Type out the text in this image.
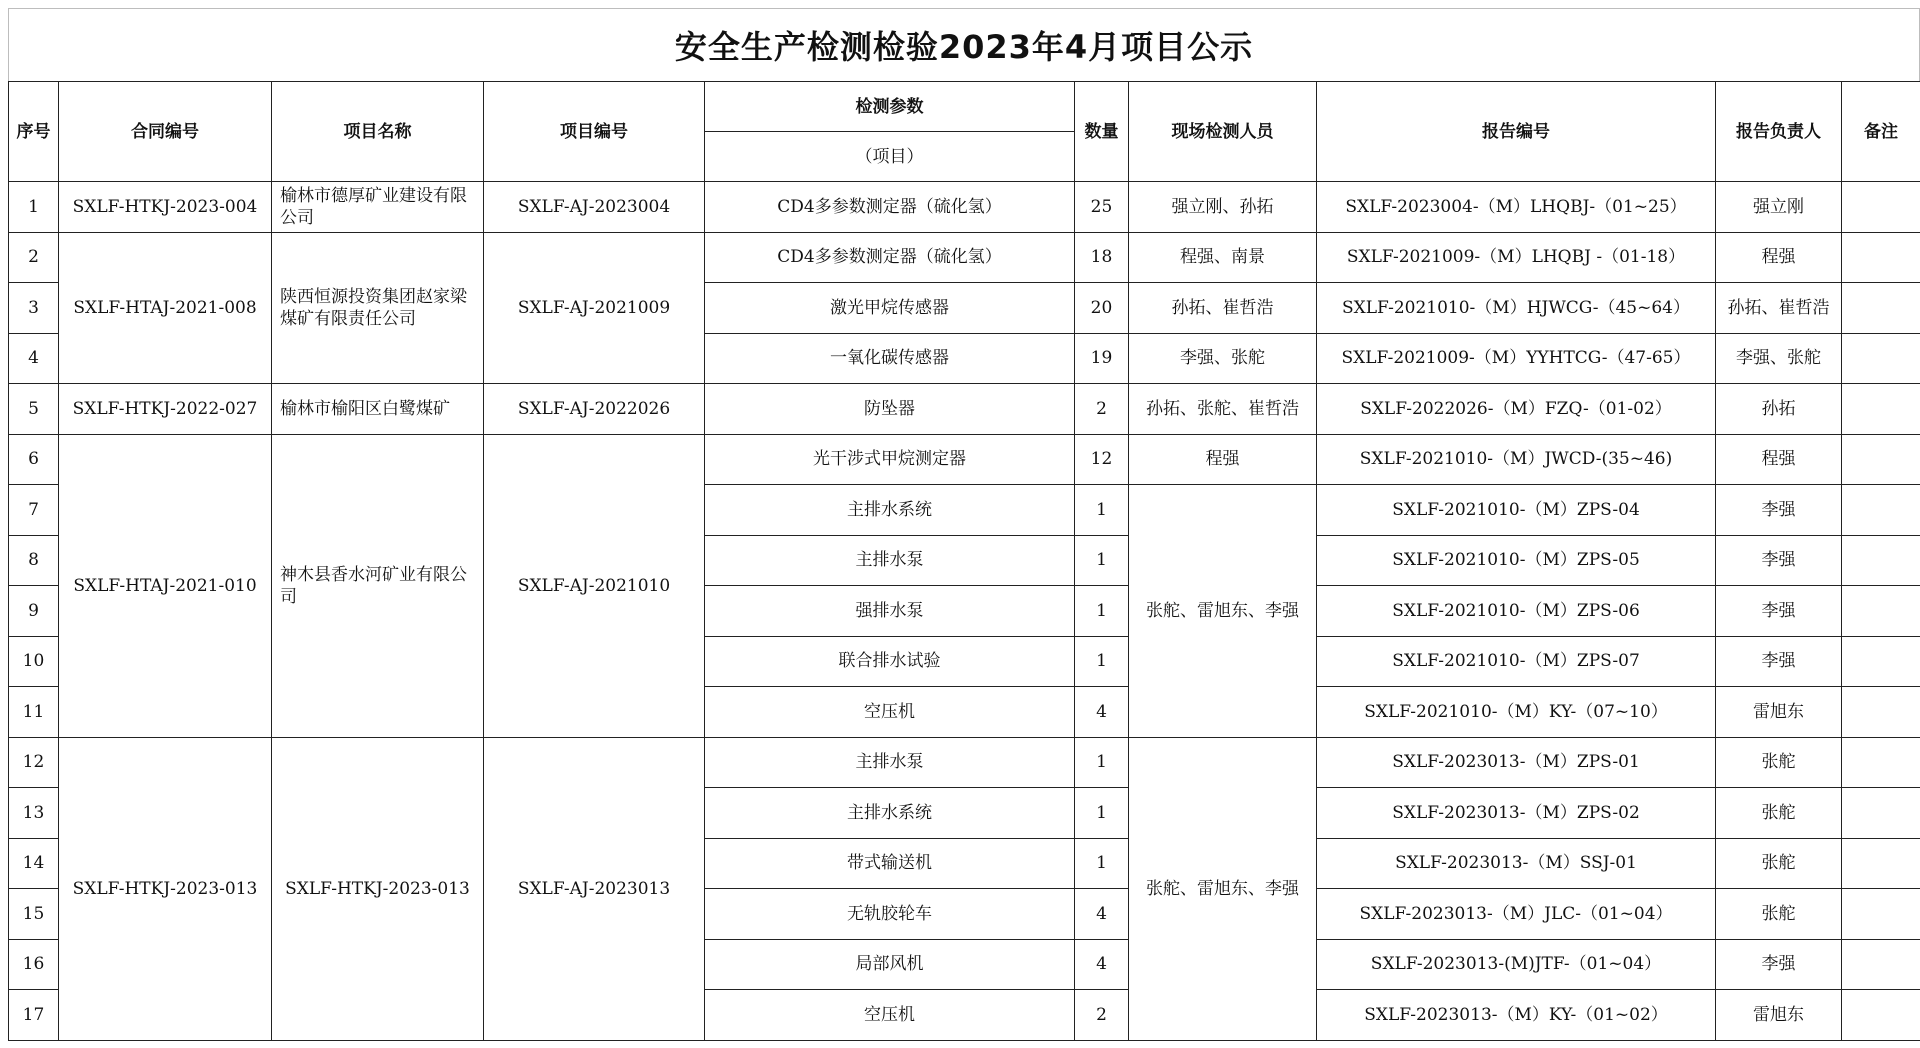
安全生产检测检验2023年4月项目公示
序号	合同编号	项目名称	项目编号	检测参数	数量	现场检测人员	报告编号	报告负责人	备注
				（项目）					
1	SXLF-HTKJ-2023-004	榆林市德厚矿业建设有限公司	SXLF-AJ-2023004	CD4多参数测定器（硫化氢）	25	强立刚、孙拓	SXLF-2023004-（M）LHQBJ-（01~25）	强立刚	
2	SXLF-HTAJ-2021-008	陕西恒源投资集团赵家梁煤矿有限责任公司	SXLF-AJ-2021009	CD4多参数测定器（硫化氢）	18	程强、南景	SXLF-2021009-（M）LHQBJ -（01-18）	程强	
3				激光甲烷传感器	20	孙拓、崔哲浩	SXLF-2021010-（M）HJWCG-（45~64）	孙拓、崔哲浩	
4				一氧化碳传感器	19	李强、张舵	SXLF-2021009-（M）YYHTCG-（47-65）	李强、张舵	
5	SXLF-HTKJ-2022-027	榆林市榆阳区白鹭煤矿	SXLF-AJ-2022026	防坠器	2	孙拓、张舵、崔哲浩	SXLF-2022026-（M）FZQ-（01-02）	孙拓	
6	SXLF-HTAJ-2021-010	神木县香水河矿业有限公司	SXLF-AJ-2021010	光干涉式甲烷测定器	12	程强	SXLF-2021010-（M）JWCD-(35~46)	程强	
7				主排水系统	1	张舵、雷旭东、李强	SXLF-2021010-（M）ZPS-04	李强	
8				主排水泵	1		SXLF-2021010-（M）ZPS-05	李强	
9				强排水泵	1		SXLF-2021010-（M）ZPS-06	李强	
10				联合排水试验	1		SXLF-2021010-（M）ZPS-07	李强	
11				空压机	4		SXLF-2021010-（M）KY-（07~10）	雷旭东	
12	SXLF-HTKJ-2023-013	SXLF-HTKJ-2023-013	SXLF-AJ-2023013	主排水泵	1	张舵、雷旭东、李强	SXLF-2023013-（M）ZPS-01	张舵	
13				主排水系统	1		SXLF-2023013-（M）ZPS-02	张舵	
14				带式输送机	1		SXLF-2023013-（M）SSJ-01	张舵	
15				无轨胶轮车	4		SXLF-2023013-（M）JLC-（01~04）	张舵	
16				局部风机	4		SXLF-2023013-(M)JTF-（01~04）	李强	
17				空压机	2		SXLF-2023013-（M）KY-（01~02）	雷旭东	
